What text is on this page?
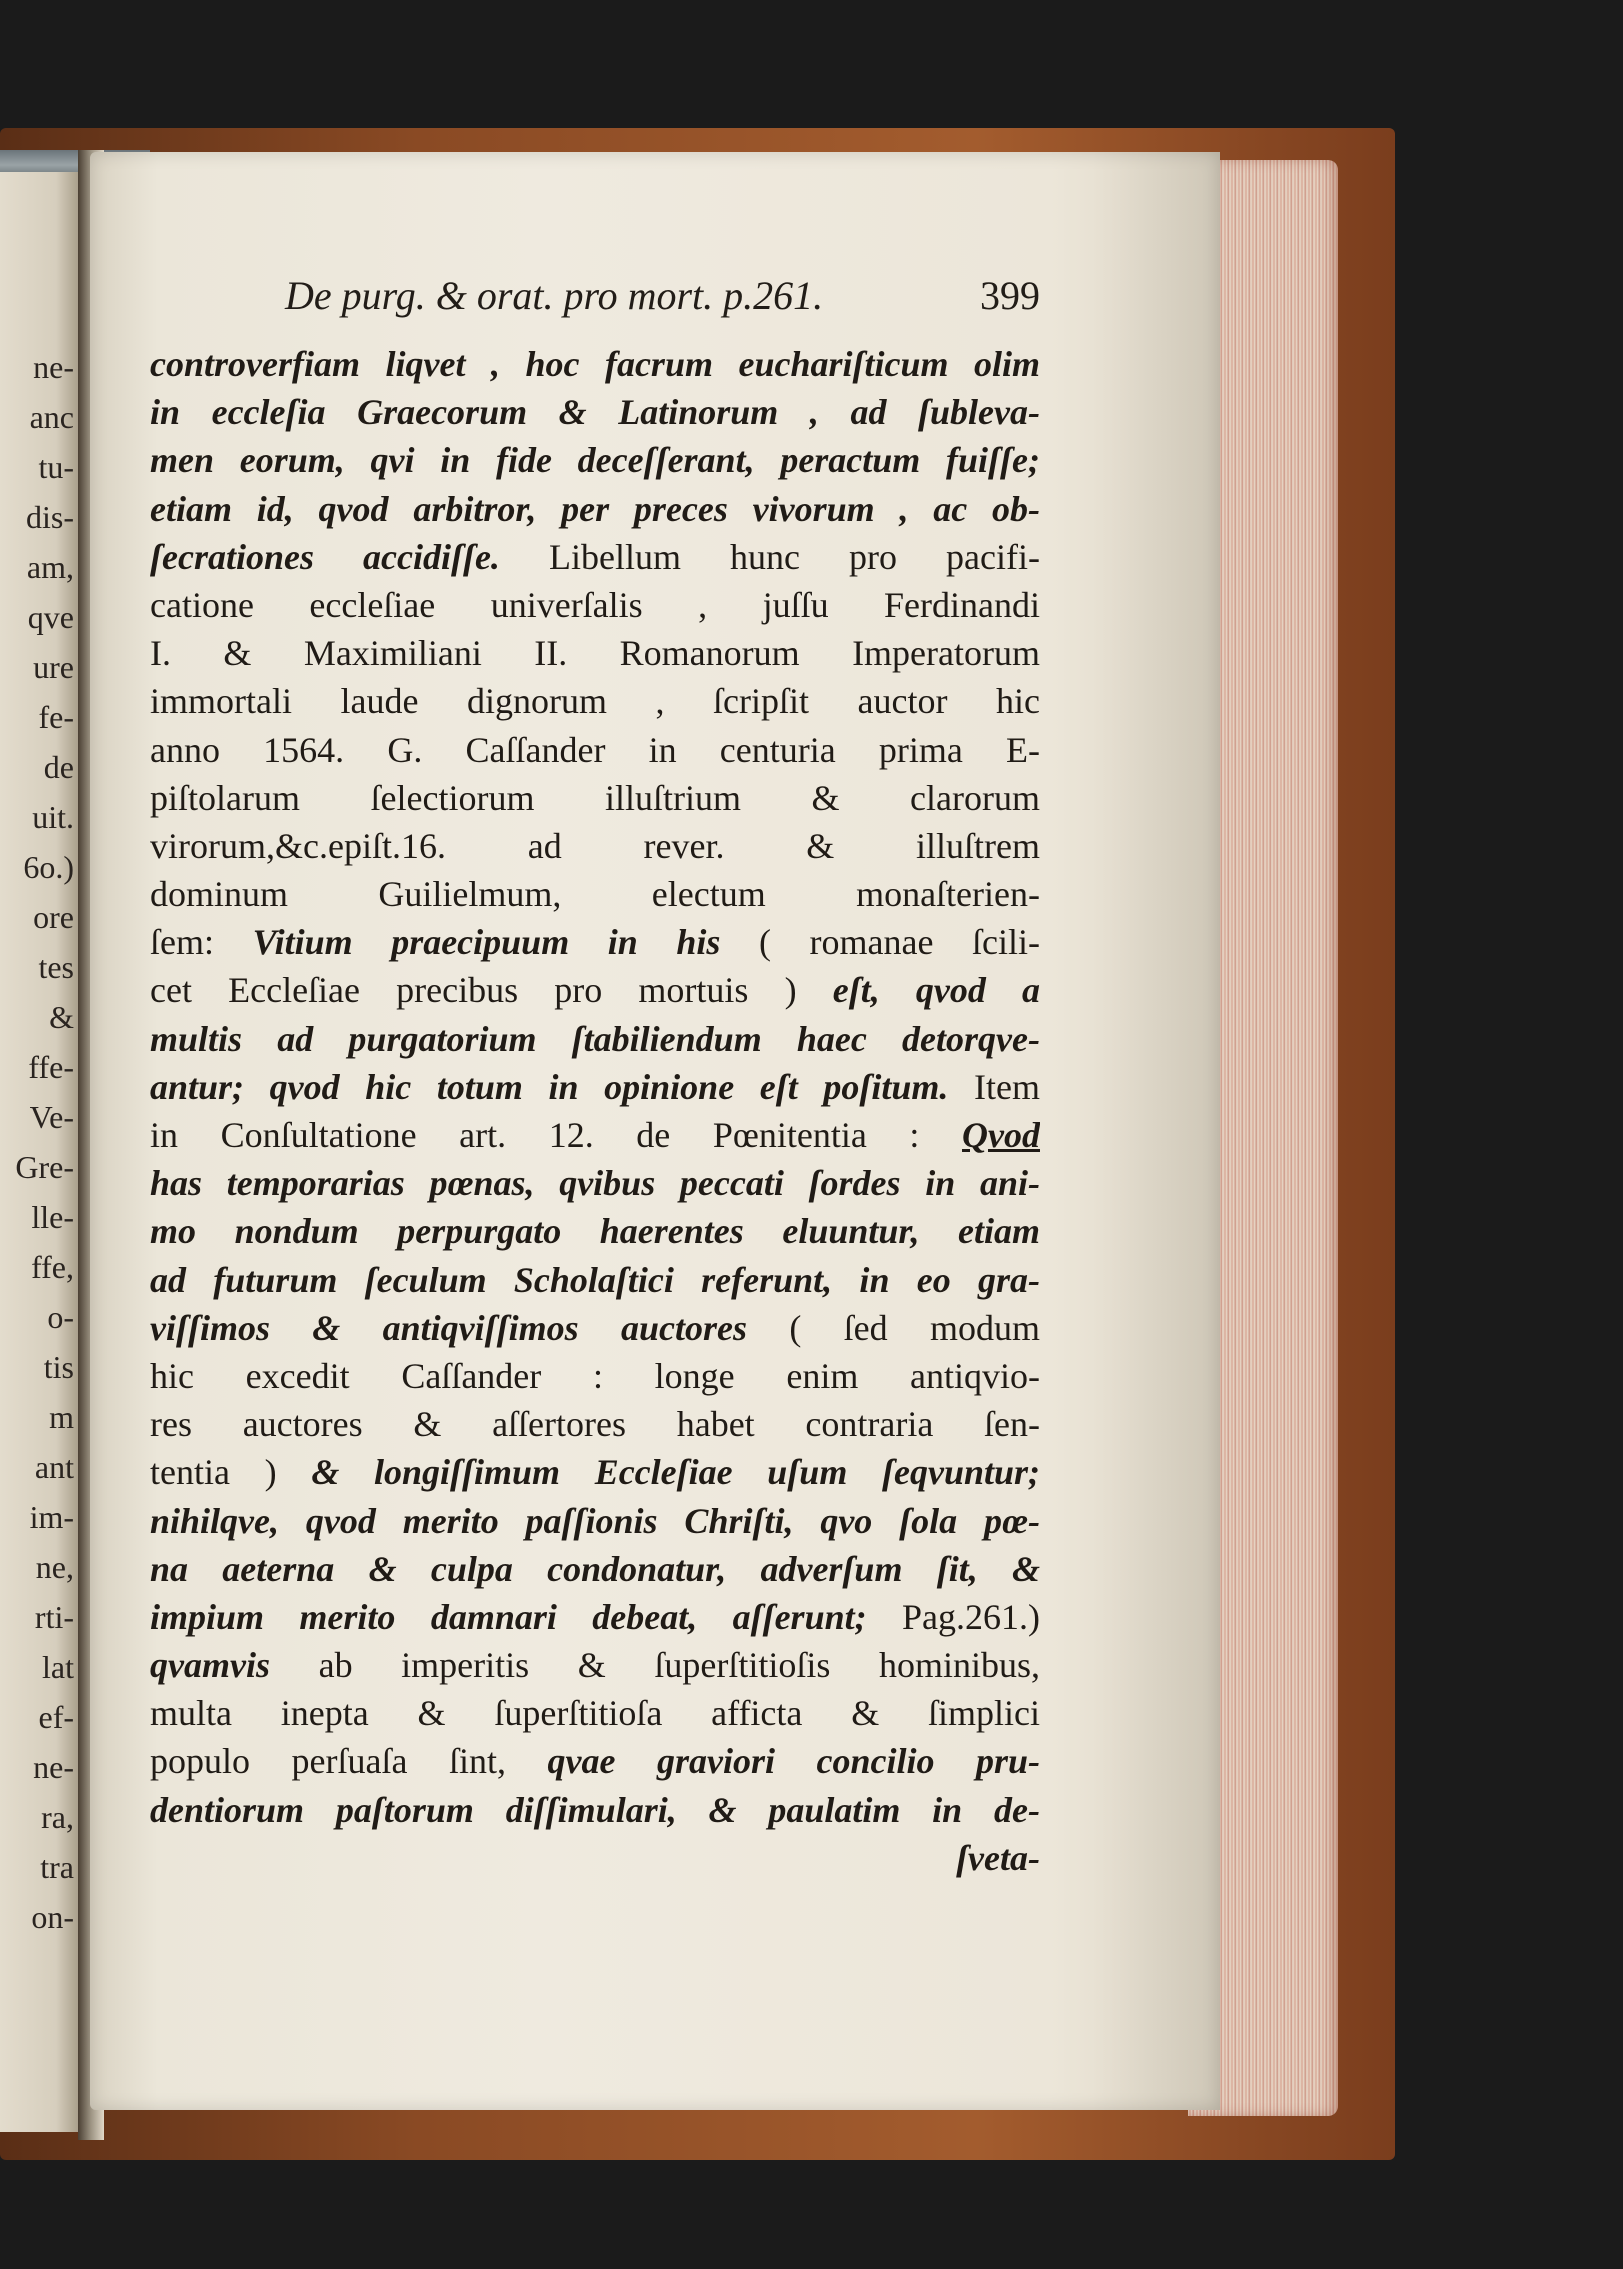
ne-
anc
tu-
dis-
am,
qve
ure
fe-
de
uit.
6o.)
ore
tes
&
ffe-
Ve-
Gre-
lle-
ffe,
o-
tis
m
ant
im-
ne,
rti-
lat
ef-
ne-
ra,
tra
on-
De purg. & orat. pro mort. p.261.	399
controverfiam liqvet , hoc facrum euchariſticum olim
in eccleſia Graecorum & Latinorum , ad ſubleva-
men eorum, qvi in fide deceſſerant, peractum fuiſſe;
etiam id, qvod arbitror, per preces vivorum , ac ob-
ſecrationes accidiſſe. Libellum hunc pro pacifi-
catione eccleſiae univerſalis , juſſu Ferdinandi
I. & Maximiliani II. Romanorum Imperatorum
immortali laude dignorum , ſcripſit auctor hic
anno 1564. G. Caſſander in centuria prima E-
piſtolarum ſelectiorum illuſtrium & clarorum
virorum,&c.epiſt.16. ad rever. & illuſtrem
dominum Guilielmum, electum monaſterien-
ſem: Vitium praecipuum in his ( romanae ſcili-
cet Eccleſiae precibus pro mortuis ) eſt, qvod a
multis ad purgatorium ſtabiliendum haec detorqve-
antur; qvod hic totum in opinione eſt poſitum. Item
in Conſultatione art. 12. de Pœnitentia : Qvod
has temporarias pœnas, qvibus peccati ſordes in ani-
mo nondum perpurgato haerentes eluuntur, etiam
ad futurum ſeculum Scholaſtici referunt, in eo gra-
viſſimos & antiqviſſimos auctores ( ſed modum
hic excedit Caſſander : longe enim antiqvio-
res auctores & aſſertores habet contraria ſen-
tentia ) & longiſſimum Eccleſiae uſum ſeqvuntur;
nihilqve, qvod merito paſſionis Chriſti, qvo ſola pœ-
na aeterna & culpa condonatur, adverſum ſit, &
impium merito damnari debeat, aſſerunt; Pag.261.)
qvamvis ab imperitis & ſuperſtitioſis hominibus,
multa inepta & ſuperſtitioſa afficta & ſimplici
populo perſuaſa ſint, qvae graviori concilio pru-
dentiorum paſtorum diſſimulari, & paulatim in de-
ſveta-
